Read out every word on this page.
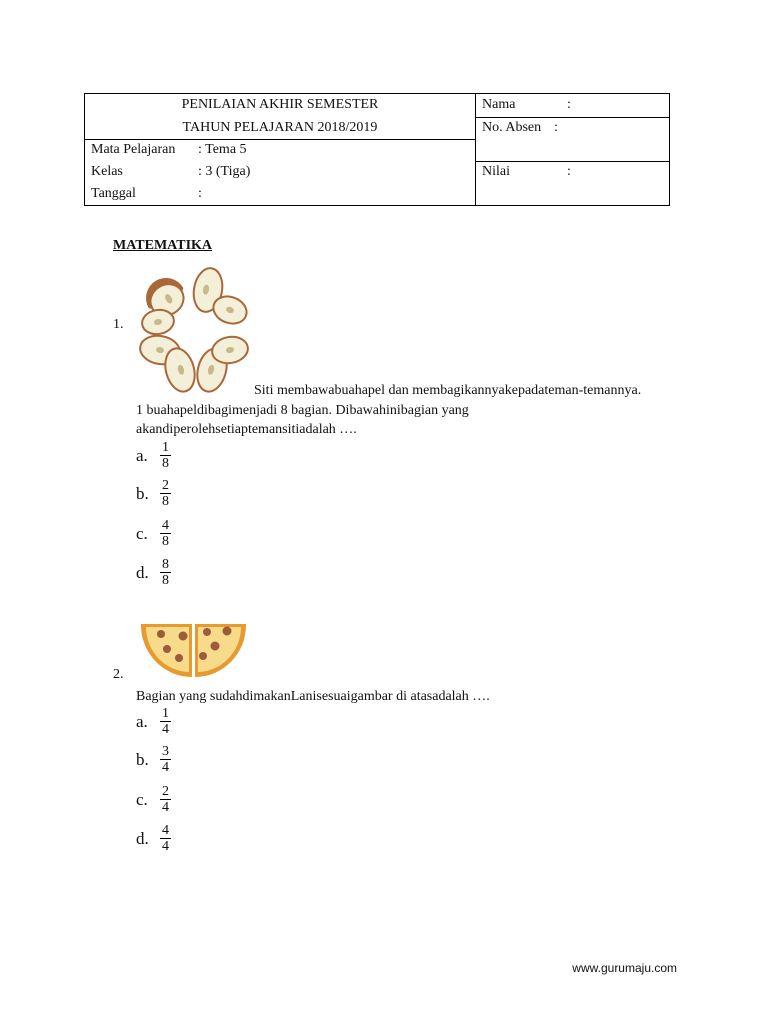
PENILAIAN AKHIR SEMESTER
TAHUN PELAJARAN 2018/2019
Mata Pelajaran : Tema 5
Kelas	: 3 (Tiga)
Tanggal	:
Nama	:
No. Absen :
Nilai	:
MATEMATIKA
1.
Siti membawabuahapel dan membagikannyakepadateman-temannya.
1 buahapeldibagimenjadi 8 bagian. Dibawahinibagian yang
akandiperolehsetiaptemansitiadalah ….
a. $\frac{1}{8}$
b. $\frac{2}{8}$
c. $\frac{4}{8}$
d. $\frac{8}{8}$
2.
Bagian yang sudahdimakanLanisesuaigambar di atasadalah ….
a. $\frac{1}{4}$
b. $\frac{3}{4}$
c. $\frac{2}{4}$
d. $\frac{4}{4}$
www.gurumaju.com
